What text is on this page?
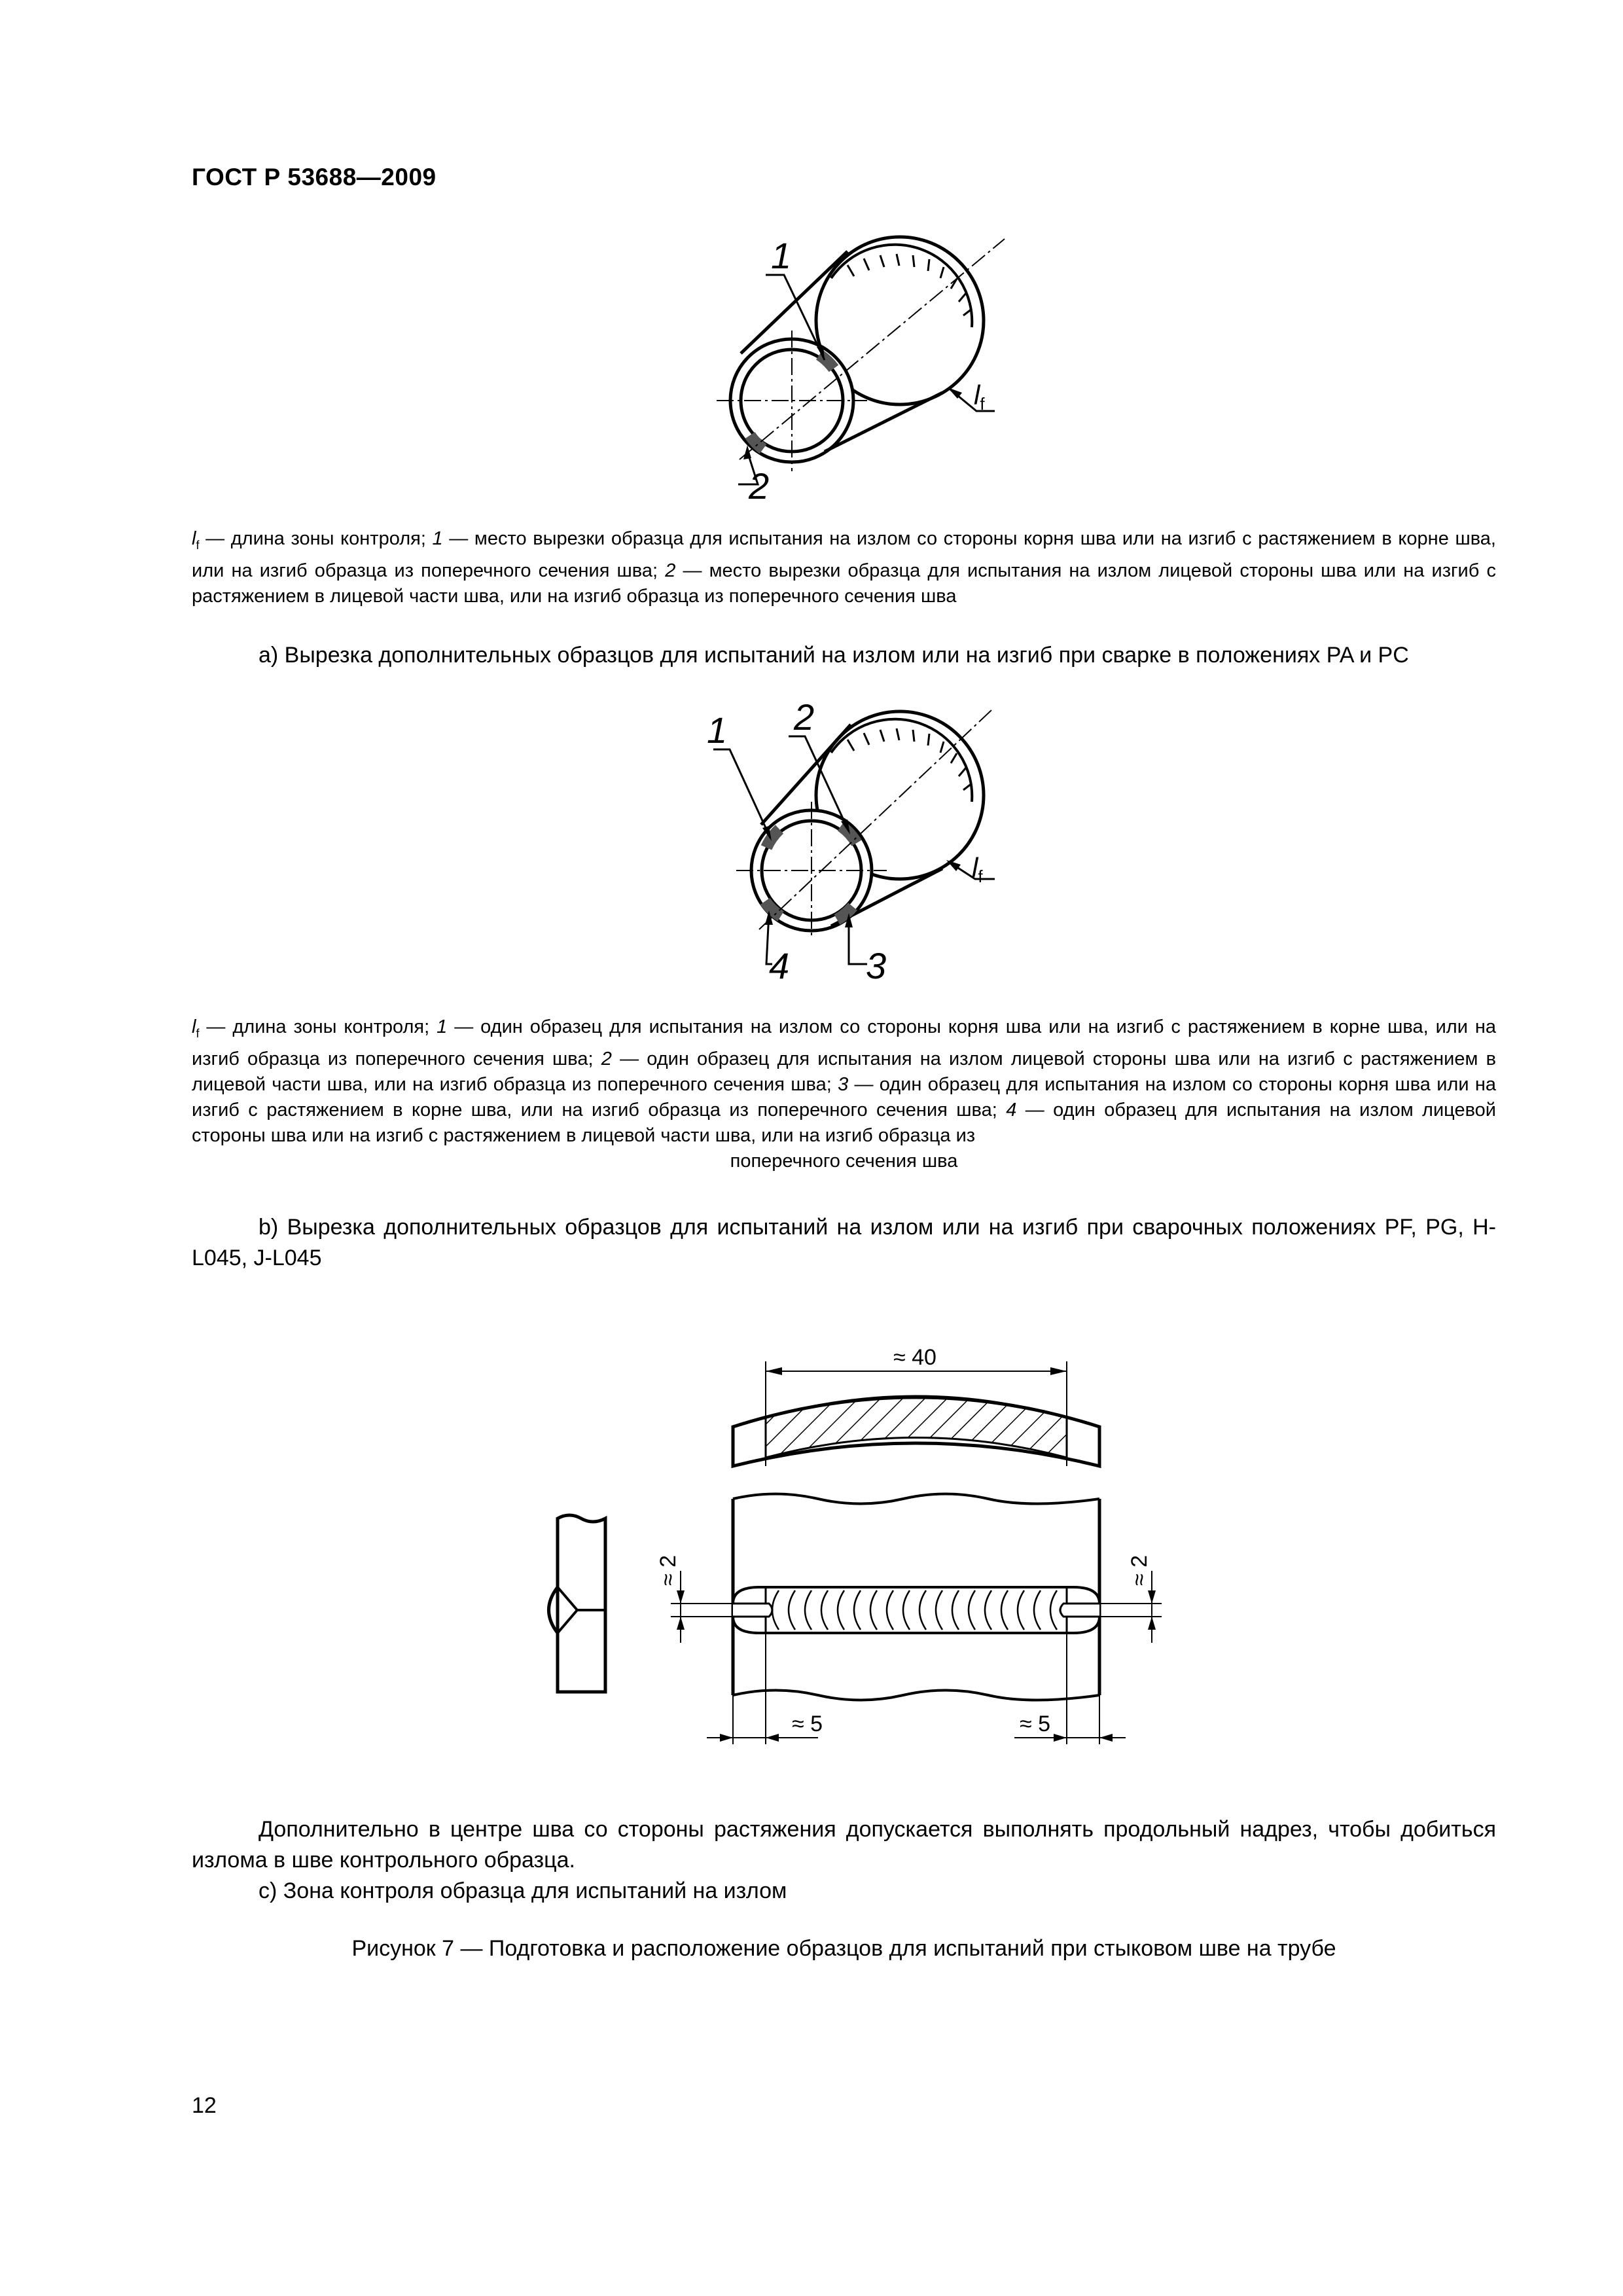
ГОСТ Р 53688—2009
1
2
lf
$l_f$ — длина зоны контроля; 1 — место вырезки образца для испытания на излом со стороны корня шва или на изгиб с растяжением в корне шва, или на изгиб образца из поперечного сечения шва; 2 — место вырезки образца для испытания на излом лицевой стороны шва или на изгиб с растяжением в лицевой части шва, или на изгиб образца из поперечного сечения шва
a) Вырезка дополнительных образцов для испытаний на излом или на изгиб при сварке в положениях PA и PC
1 2
3
4
lf
$l_f$ — длина зоны контроля; 1 — один образец для испытания на излом со стороны корня шва или на изгиб с растяжением в корне шва, или на изгиб образца из поперечного сечения шва; 2 — один образец для испытания на излом лицевой стороны шва или на изгиб с растяжением в лицевой части шва, или на изгиб образца из поперечного сечения шва; 3 — один образец для испытания на излом со стороны корня шва или на изгиб с растяжением в корне шва, или на изгиб образца из поперечного сечения шва; 4 — один образец для испытания на излом лицевой стороны шва или на изгиб с растяжением в лицевой части шва, или на изгиб образца из
поперечного сечения шва
b) Вырезка дополнительных образцов для испытаний на излом или на изгиб при сварочных положениях PF, PG, H-L045, J-L045
≈ 40
≈ 2	≈ 2
≈ 5	≈ 5
Дополнительно в центре шва со стороны растяжения допускается выполнять продольный надрез, чтобы добиться излома в шве контрольного образца.
c) Зона контроля образца для испытаний на излом
Рисунок 7 — Подготовка и расположение образцов для испытаний при стыковом шве на трубе
12
